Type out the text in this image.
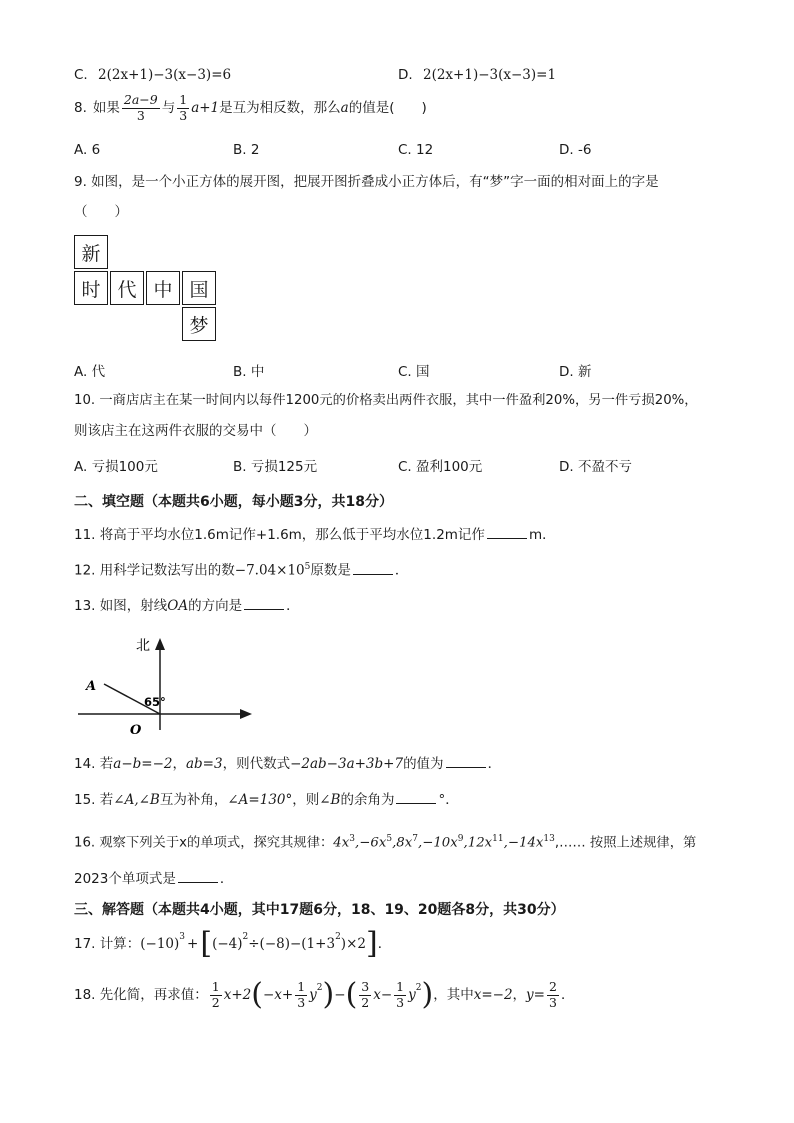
C. 2(2x+1)−3(x−3)=6	D. 2(2x+1)−3(x−3)=1
8. 如果 $\frac{2a-9}{3}$ 与 $\frac{1}{3} a+1$ 是互为相反数，那么 a 的值是(　　)
A. 6	B. 2	C. 12	D. -6
9. 如图，是一个小正方体的展开图，把展开图折叠成小正方体后，有“梦”字一面的相对面上的字是
（　　）
新
时 代 中 国
梦
A. 代	B. 中	C. 国	D. 新
10. 一商店店主在某一时间内以每件1200元的价格卖出两件衣服，其中一件盈利20%，另一件亏损20%，
则该店主在这两件衣服的交易中（　　）
A. 亏损100元	B. 亏损125元	C. 盈利100元	D. 不盈不亏
二、填空题（本题共6小题，每小题3分，共18分）
11. 将高于平均水位1.6m记作+1.6m，那么低于平均水位1.2m记作	m．
12. 用科学记数法写出的数$-7.04\times 10^5$原数是	．
13. 如图，射线OA的方向是	．
北
A
O
65°
14. 若a−b=−2，ab=3，则代数式−2ab−3a+3b+7的值为	．
15. 若∠A,∠B互为补角，∠A=130°，则∠B的余角为	°．
16. 观察下列关于x的单项式，探究其规律：$4x^3,-6x^5,8x^7,-10x^9,12x^{11},-14x^{13},\dots\dots$ 按照上述规律，第
2023个单项式是	．
三、解答题（本题共4小题，其中17题6分，18、19、20题各8分，共30分）
17. 计算： $(-10)^3$ + [ $(-4)^2 \div(-8)-(1+3^2$ )×2 ] ．
18. 先化简，再求值： $\frac{1}{2} x+2$ ( $-x+ \frac{1}{3} y^2$ ) − ( $\frac{3}{2} x- \frac{1}{3} y^2$ ) ，其中 x=−2 ， $y= \frac{2}{3}$ ．
